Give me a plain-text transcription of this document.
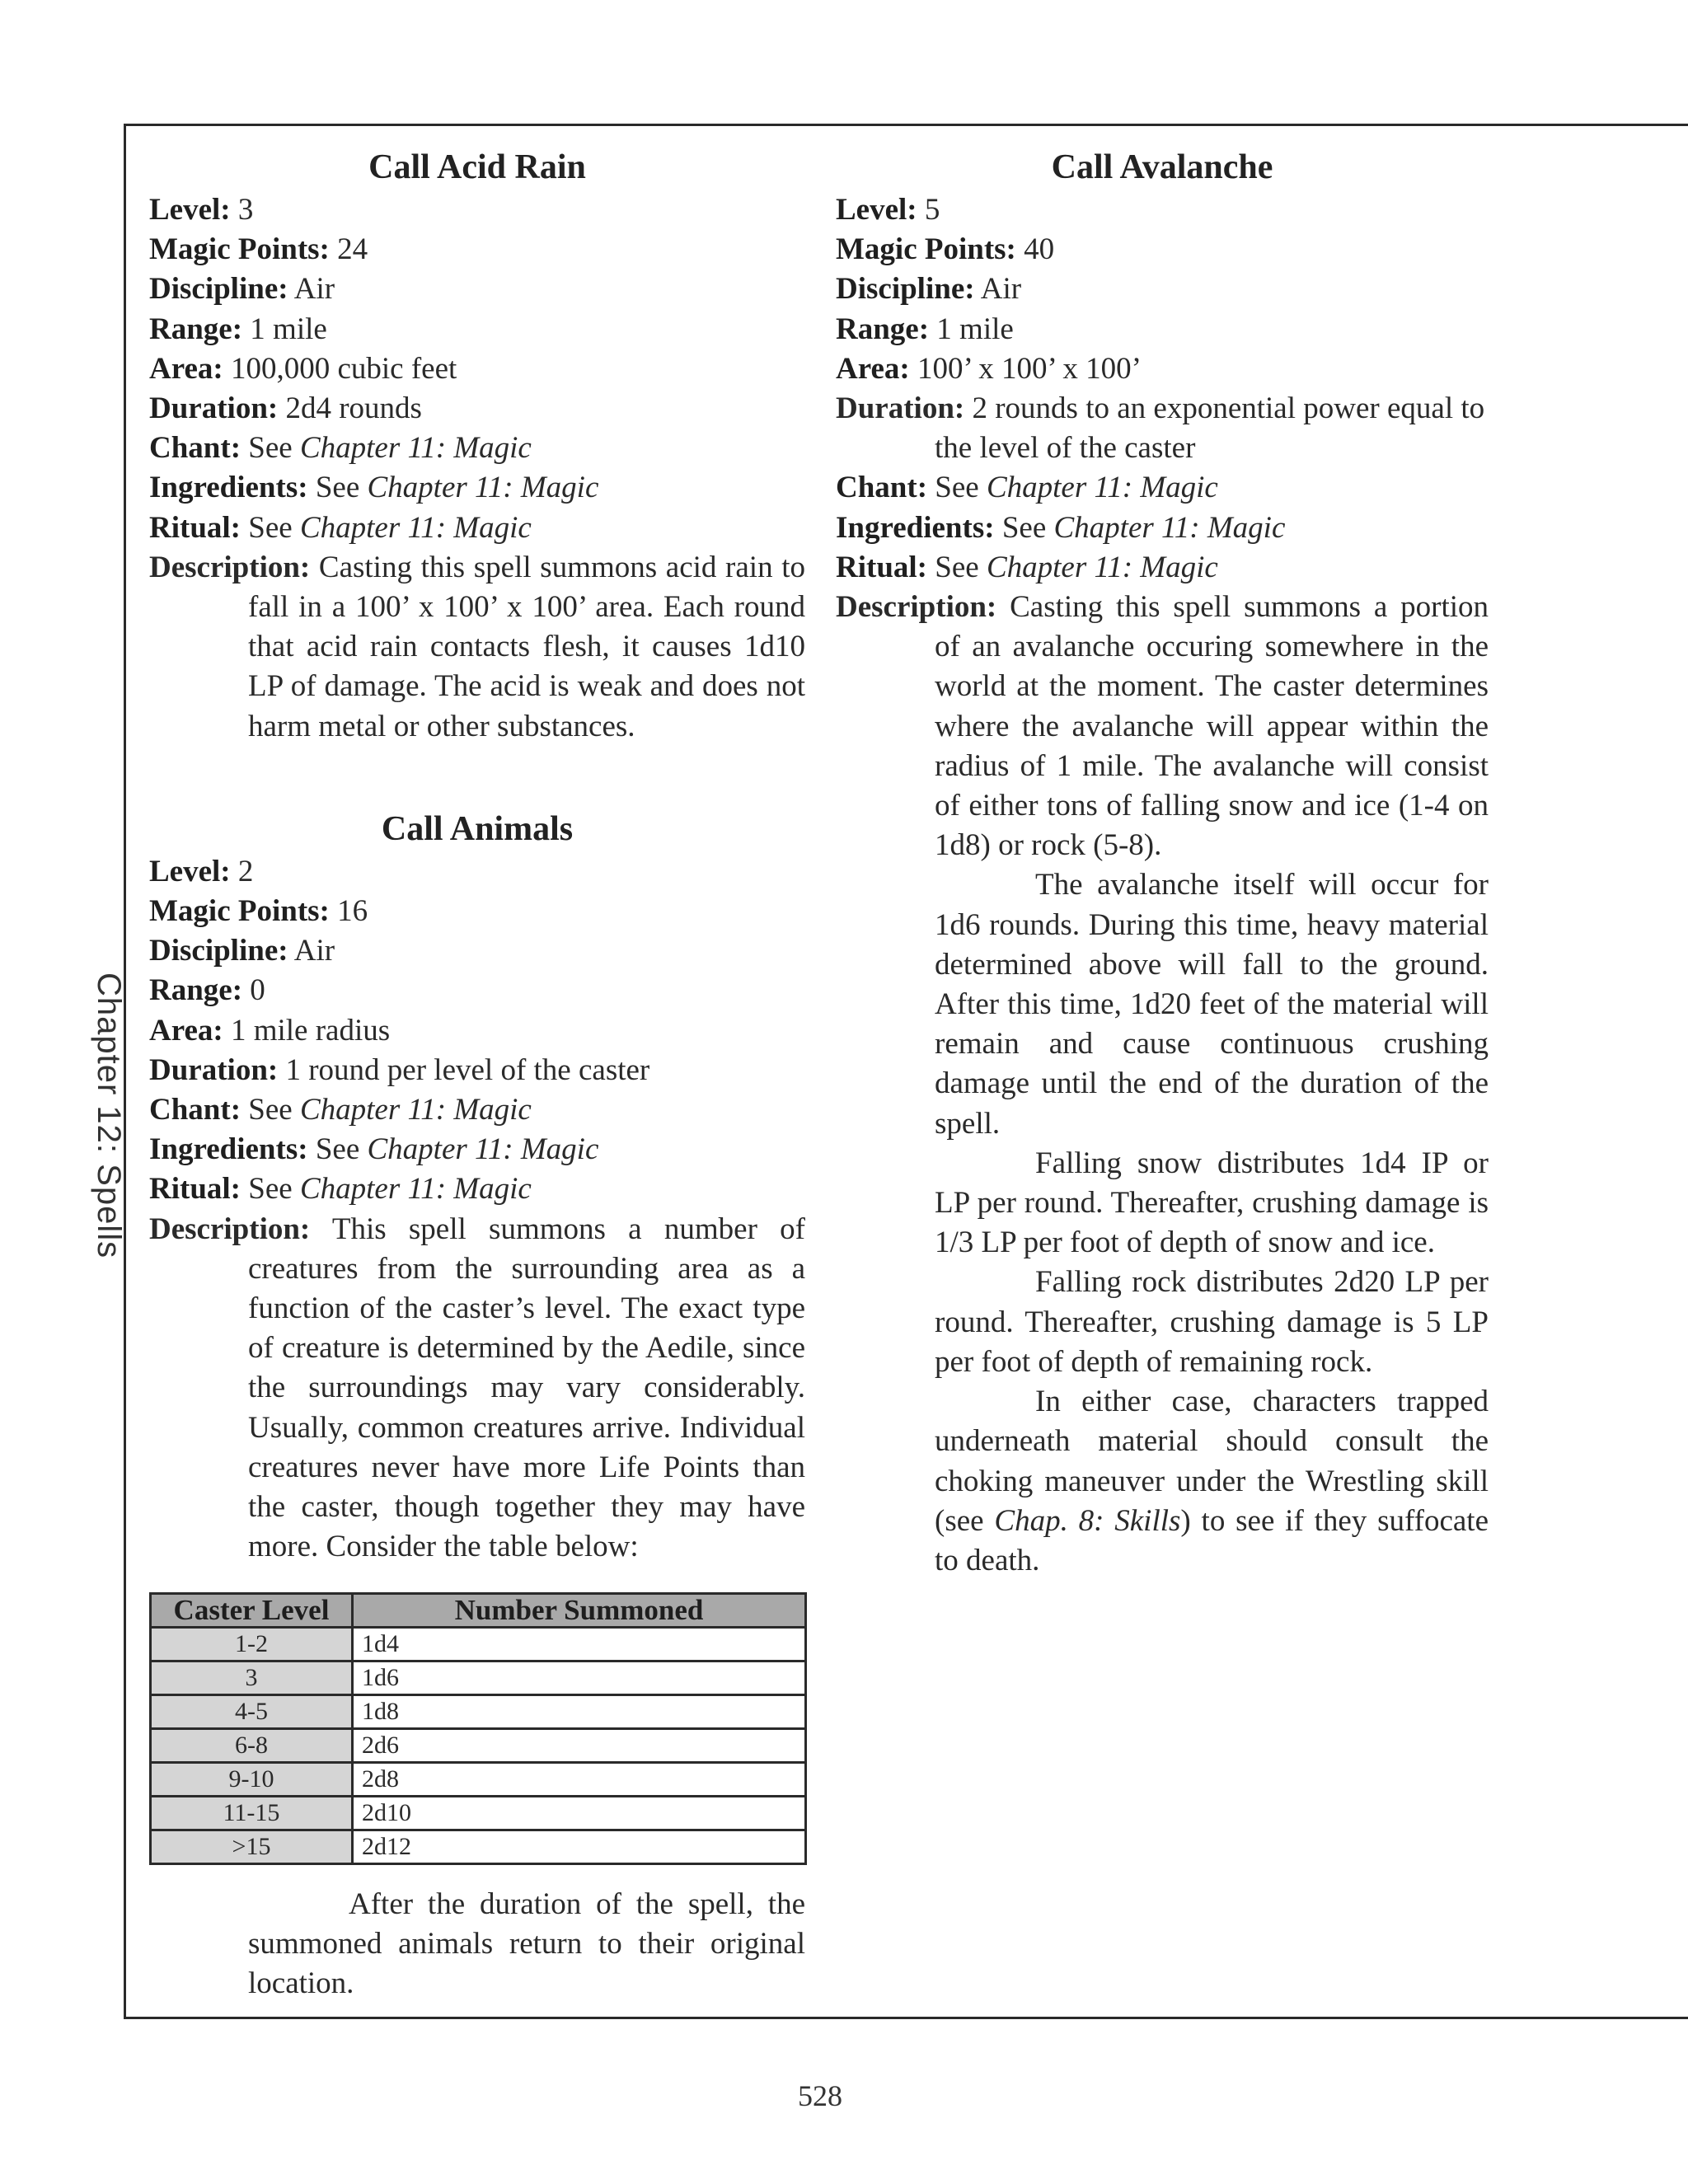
Chapter 12: Spells
Call Acid Rain
Level: 3
Magic Points: 24
Discipline: Air
Range: 1 mile
Area: 100,000 cubic feet
Duration: 2d4 rounds
Chant: See Chapter 11: Magic
Ingredients: See Chapter 11: Magic
Ritual: See Chapter 11: Magic
Description: Casting this spell summons acid rain to fall in a 100’ x 100’ x 100’ area. Each round that acid rain contacts flesh, it causes 1d10 LP of damage. The acid is weak and does not harm metal or other substances.
Call Animals
Level: 2
Magic Points: 16
Discipline: Air
Range: 0
Area: 1 mile radius
Duration: 1 round per level of the caster
Chant: See Chapter 11: Magic
Ingredients: See Chapter 11: Magic
Ritual: See Chapter 11: Magic
Description: This spell summons a number of creatures from the surrounding area as a function of the caster’s level. The exact type of creature is determined by the Aedile, since the surroundings may vary considerably. Usually, common creatures arrive. Individual creatures never have more Life Points than the caster, though together they may have more. Consider the table below:
Caster Level	Number Summoned
1-2	1d4
3	1d6
4-5	1d8
6-8	2d6
9-10	2d8
11-15	2d10
>15	2d12
After the duration of the spell, the summoned animals return to their original location.
Call Avalanche
Level: 5
Magic Points: 40
Discipline: Air
Range: 1 mile
Area: 100’ x 100’ x 100’
Duration: 2 rounds to an exponential power equal to the level of the caster
Chant: See Chapter 11: Magic
Ingredients: See Chapter 11: Magic
Ritual: See Chapter 11: Magic
Description: Casting this spell summons a portion of an avalanche occuring somewhere in the world at the moment. The caster determines where the avalanche will appear within the radius of 1 mile. The avalanche will consist of either tons of falling snow and ice (1-4 on 1d8) or rock (5-8).
The avalanche itself will occur for 1d6 rounds. During this time, heavy material determined above will fall to the ground. After this time, 1d20 feet of the material will remain and cause continuous crushing damage until the end of the duration of the spell.
Falling snow distributes 1d4 IP or LP per round. Thereafter, crushing damage is 1/3 LP per foot of depth of snow and ice.
Falling rock distributes 2d20 LP per round. Thereafter, crushing damage is 5 LP per foot of depth of remaining rock.
In either case, characters trapped underneath material should consult the choking maneuver under the Wrestling skill (see Chap. 8: Skills) to see if they suffocate to death.
528
